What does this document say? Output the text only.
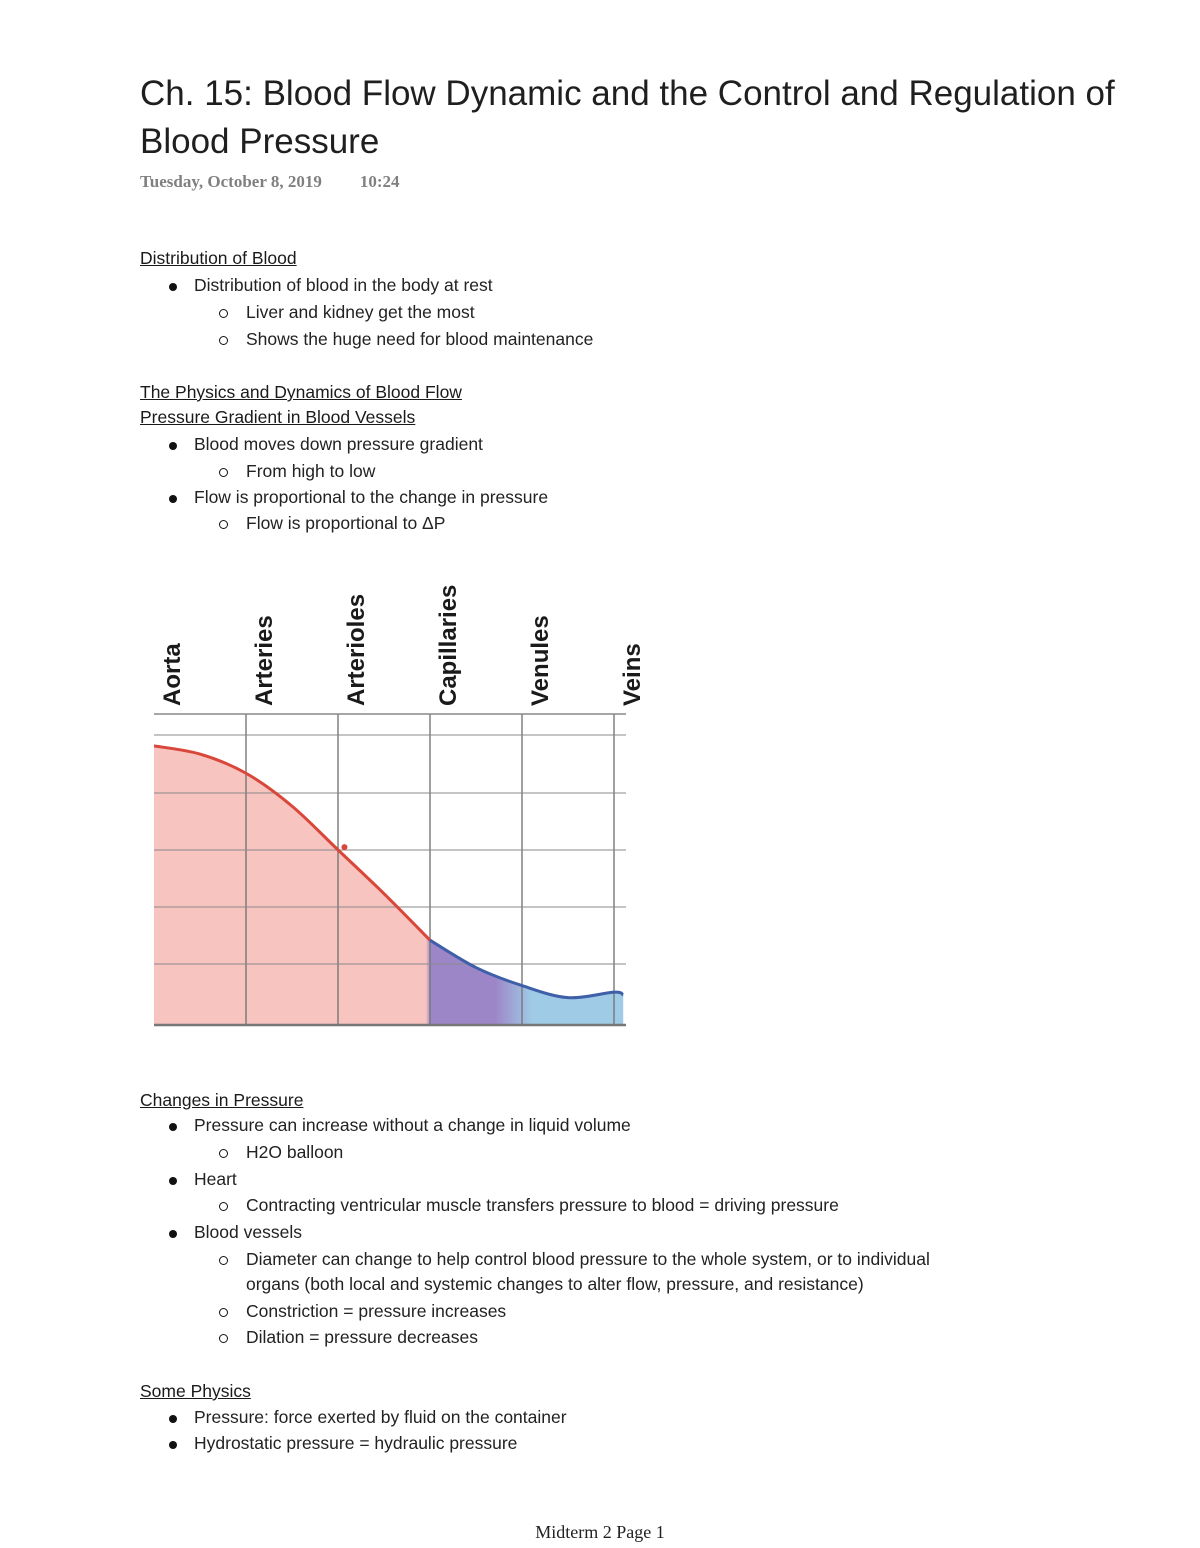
Ch. 15: Blood Flow Dynamic and the Control and Regulation of Blood Pressure
Tuesday, October 8, 2019 10:24
Distribution of Blood
Distribution of blood in the body at rest
Liver and kidney get the most
Shows the huge need for blood maintenance
The Physics and Dynamics of Blood Flow
Pressure Gradient in Blood Vessels
Blood moves down pressure gradient
From high to low
Flow is proportional to the change in pressure
Flow is proportional to ΔP
Aorta	Arteries	Arterioles	Capillaries	Venules	Veins
Changes in Pressure
Pressure can increase without a change in liquid volume
H2O balloon
Heart
Contracting ventricular muscle transfers pressure to blood = driving pressure
Blood vessels
Diameter can change to help control blood pressure to the whole system, or to individual
organs (both local and systemic changes to alter flow, pressure, and resistance)
Constriction = pressure increases
Dilation = pressure decreases
Some Physics
Pressure: force exerted by fluid on the container
Hydrostatic pressure = hydraulic pressure
Midterm 2 Page 1
